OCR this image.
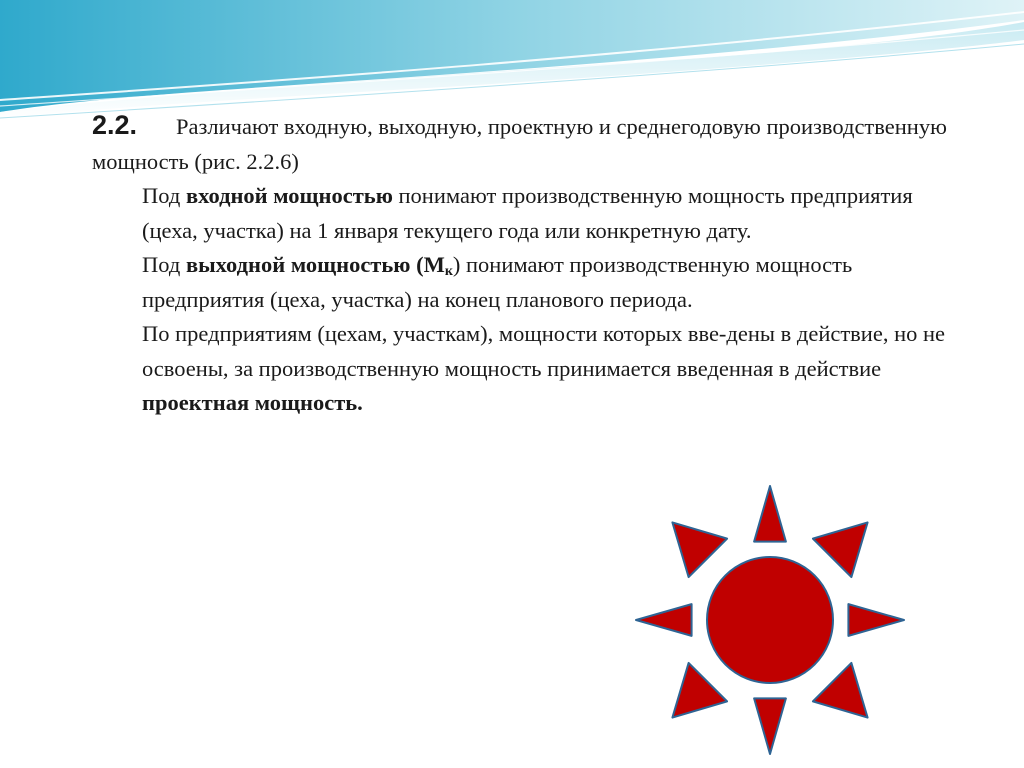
2.2. Различают входную, выходную, проектную и среднегодовую производственную мощность (рис. 2.2.6)

Под входной мощностью понимают производственную мощность предприятия (цеха, участка) на 1 января текущего года или конкретную дату.

Под выходной мощностью $(М_к)$ понимают производственную мощность предприятия (цеха, участка) на конец планового периода.

По предприятиям (цехам, участкам), мощности которых вве-дены в действие, но не освоены, за производственную мощность принимается введенная в действие проектная мощность.
